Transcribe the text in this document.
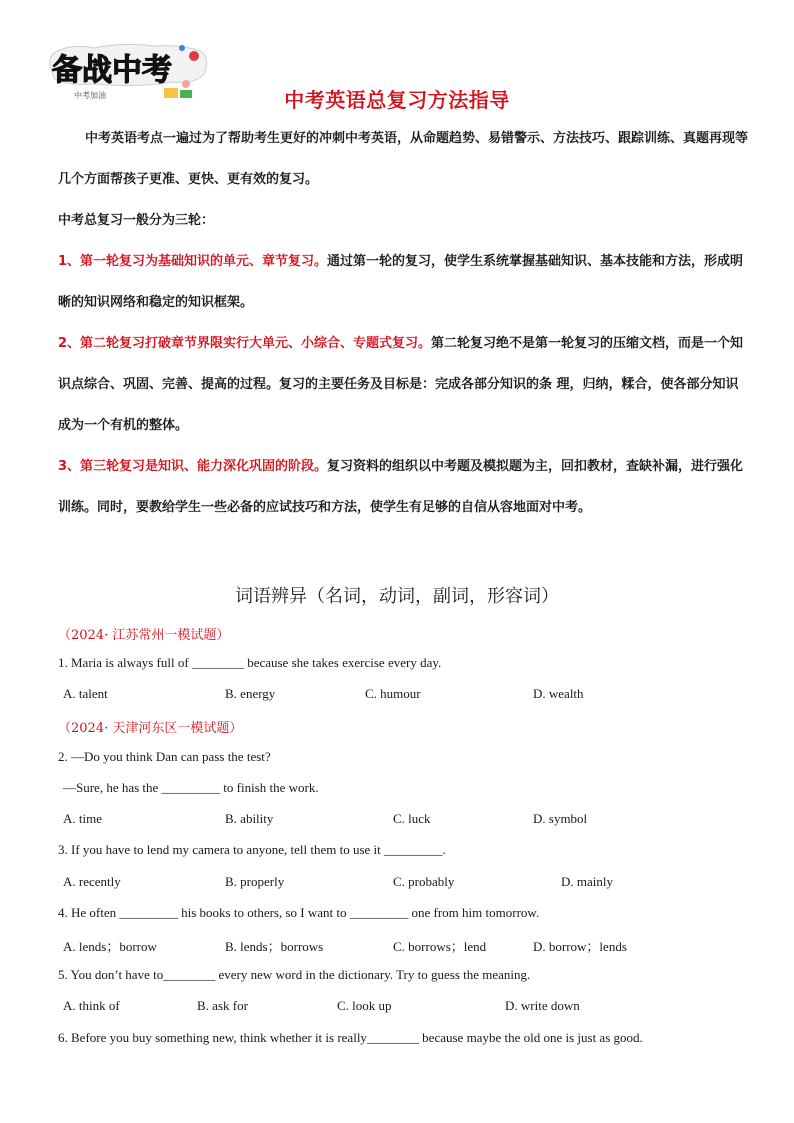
备战中考
中考加油	中考英语总复习方法指导

中考英语考点一遍过为了帮助考生更好的冲刺中考英语，从命题趋势、易错警示、方法技巧、跟踪训练、真题再现等几个方面帮孩子更准、更快、更有效的复习。

中考总复习一般分为三轮：

1、第一轮复习为基础知识的单元、章节复习。通过第一轮的复习，使学生系统掌握基础知识、基本技能和方法，形成明晰的知识网络和稳定的知识框架。

2、第二轮复习打破章节界限实行大单元、小综合、专题式复习。第二轮复习绝不是第一轮复习的压缩文档，而是一个知识点综合、巩固、完善、提高的过程。复习的主要任务及目标是：完成各部分知识的条 理，归纳，糅合，使各部分知识成为一个有机的整体。

3、第三轮复习是知识、能力深化巩固的阶段。复习资料的组织以中考题及模拟题为主，回扣教材，查缺补漏，进行强化训练。同时，要教给学生一些必备的应试技巧和方法，使学生有足够的自信从容地面对中考。

词语辨异（名词，动词，副词，形容词）
（2024· 江苏常州一模试题）
1. Maria is always full of ________ because she takes exercise every day.
A. talent	B. energy	C. humour	D. wealth
（2024· 天津河东区一模试题）
2. —Do you think Dan can pass the test?
—Sure, he has the _________ to finish the work.
A. time	B. ability	C. luck	D. symbol
3. If you have to lend my camera to anyone, tell them to use it _________.
A. recently	B. properly	C. probably	D. mainly
4. He often _________ his books to others, so I want to _________ one from him tomorrow.
A. lends；borrow	B. lends；borrows	C. borrows；lend	D. borrow；lends
5. You don’t have to________ every new word in the dictionary. Try to guess the meaning.
A. think of	B. ask for	C. look up	D. write down
6. Before you buy something new, think whether it is really________ because maybe the old one is just as good.
